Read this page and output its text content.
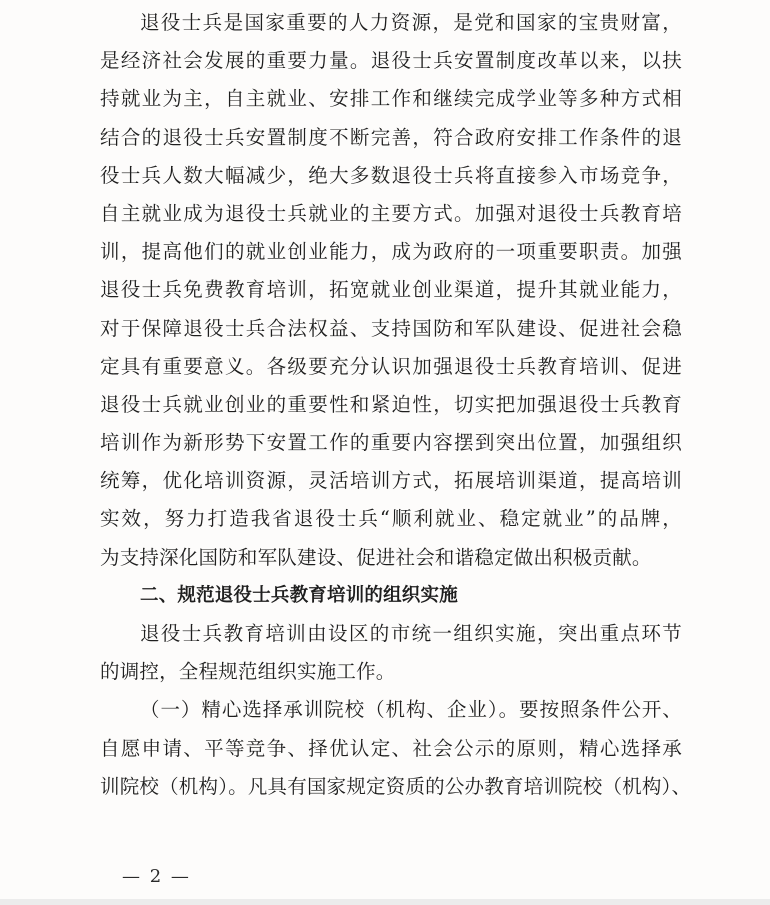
退役士兵是国家重要的人力资源，是党和国家的宝贵财富，
是经济社会发展的重要力量。退役士兵安置制度改革以来，以扶
持就业为主，自主就业、安排工作和继续完成学业等多种方式相
结合的退役士兵安置制度不断完善，符合政府安排工作条件的退
役士兵人数大幅减少，绝大多数退役士兵将直接参入市场竞争，
自主就业成为退役士兵就业的主要方式。加强对退役士兵教育培
训，提高他们的就业创业能力，成为政府的一项重要职责。加强
退役士兵免费教育培训，拓宽就业创业渠道，提升其就业能力，
对于保障退役士兵合法权益、支持国防和军队建设、促进社会稳
定具有重要意义。各级要充分认识加强退役士兵教育培训、促进
退役士兵就业创业的重要性和紧迫性，切实把加强退役士兵教育
培训作为新形势下安置工作的重要内容摆到突出位置，加强组织
统筹，优化培训资源，灵活培训方式，拓展培训渠道，提高培训
实效，努力打造我省退役士兵“顺利就业、稳定就业”的品牌，
为支持深化国防和军队建设、促进社会和谐稳定做出积极贡献。
二、规范退役士兵教育培训的组织实施
退役士兵教育培训由设区的市统一组织实施，突出重点环节
的调控，全程规范组织实施工作。
（一）精心选择承训院校（机构、企业）。要按照条件公开、
自愿申请、平等竞争、择优认定、社会公示的原则，精心选择承
训院校（机构）。凡具有国家规定资质的公办教育培训院校（机构）、
— 2 —
